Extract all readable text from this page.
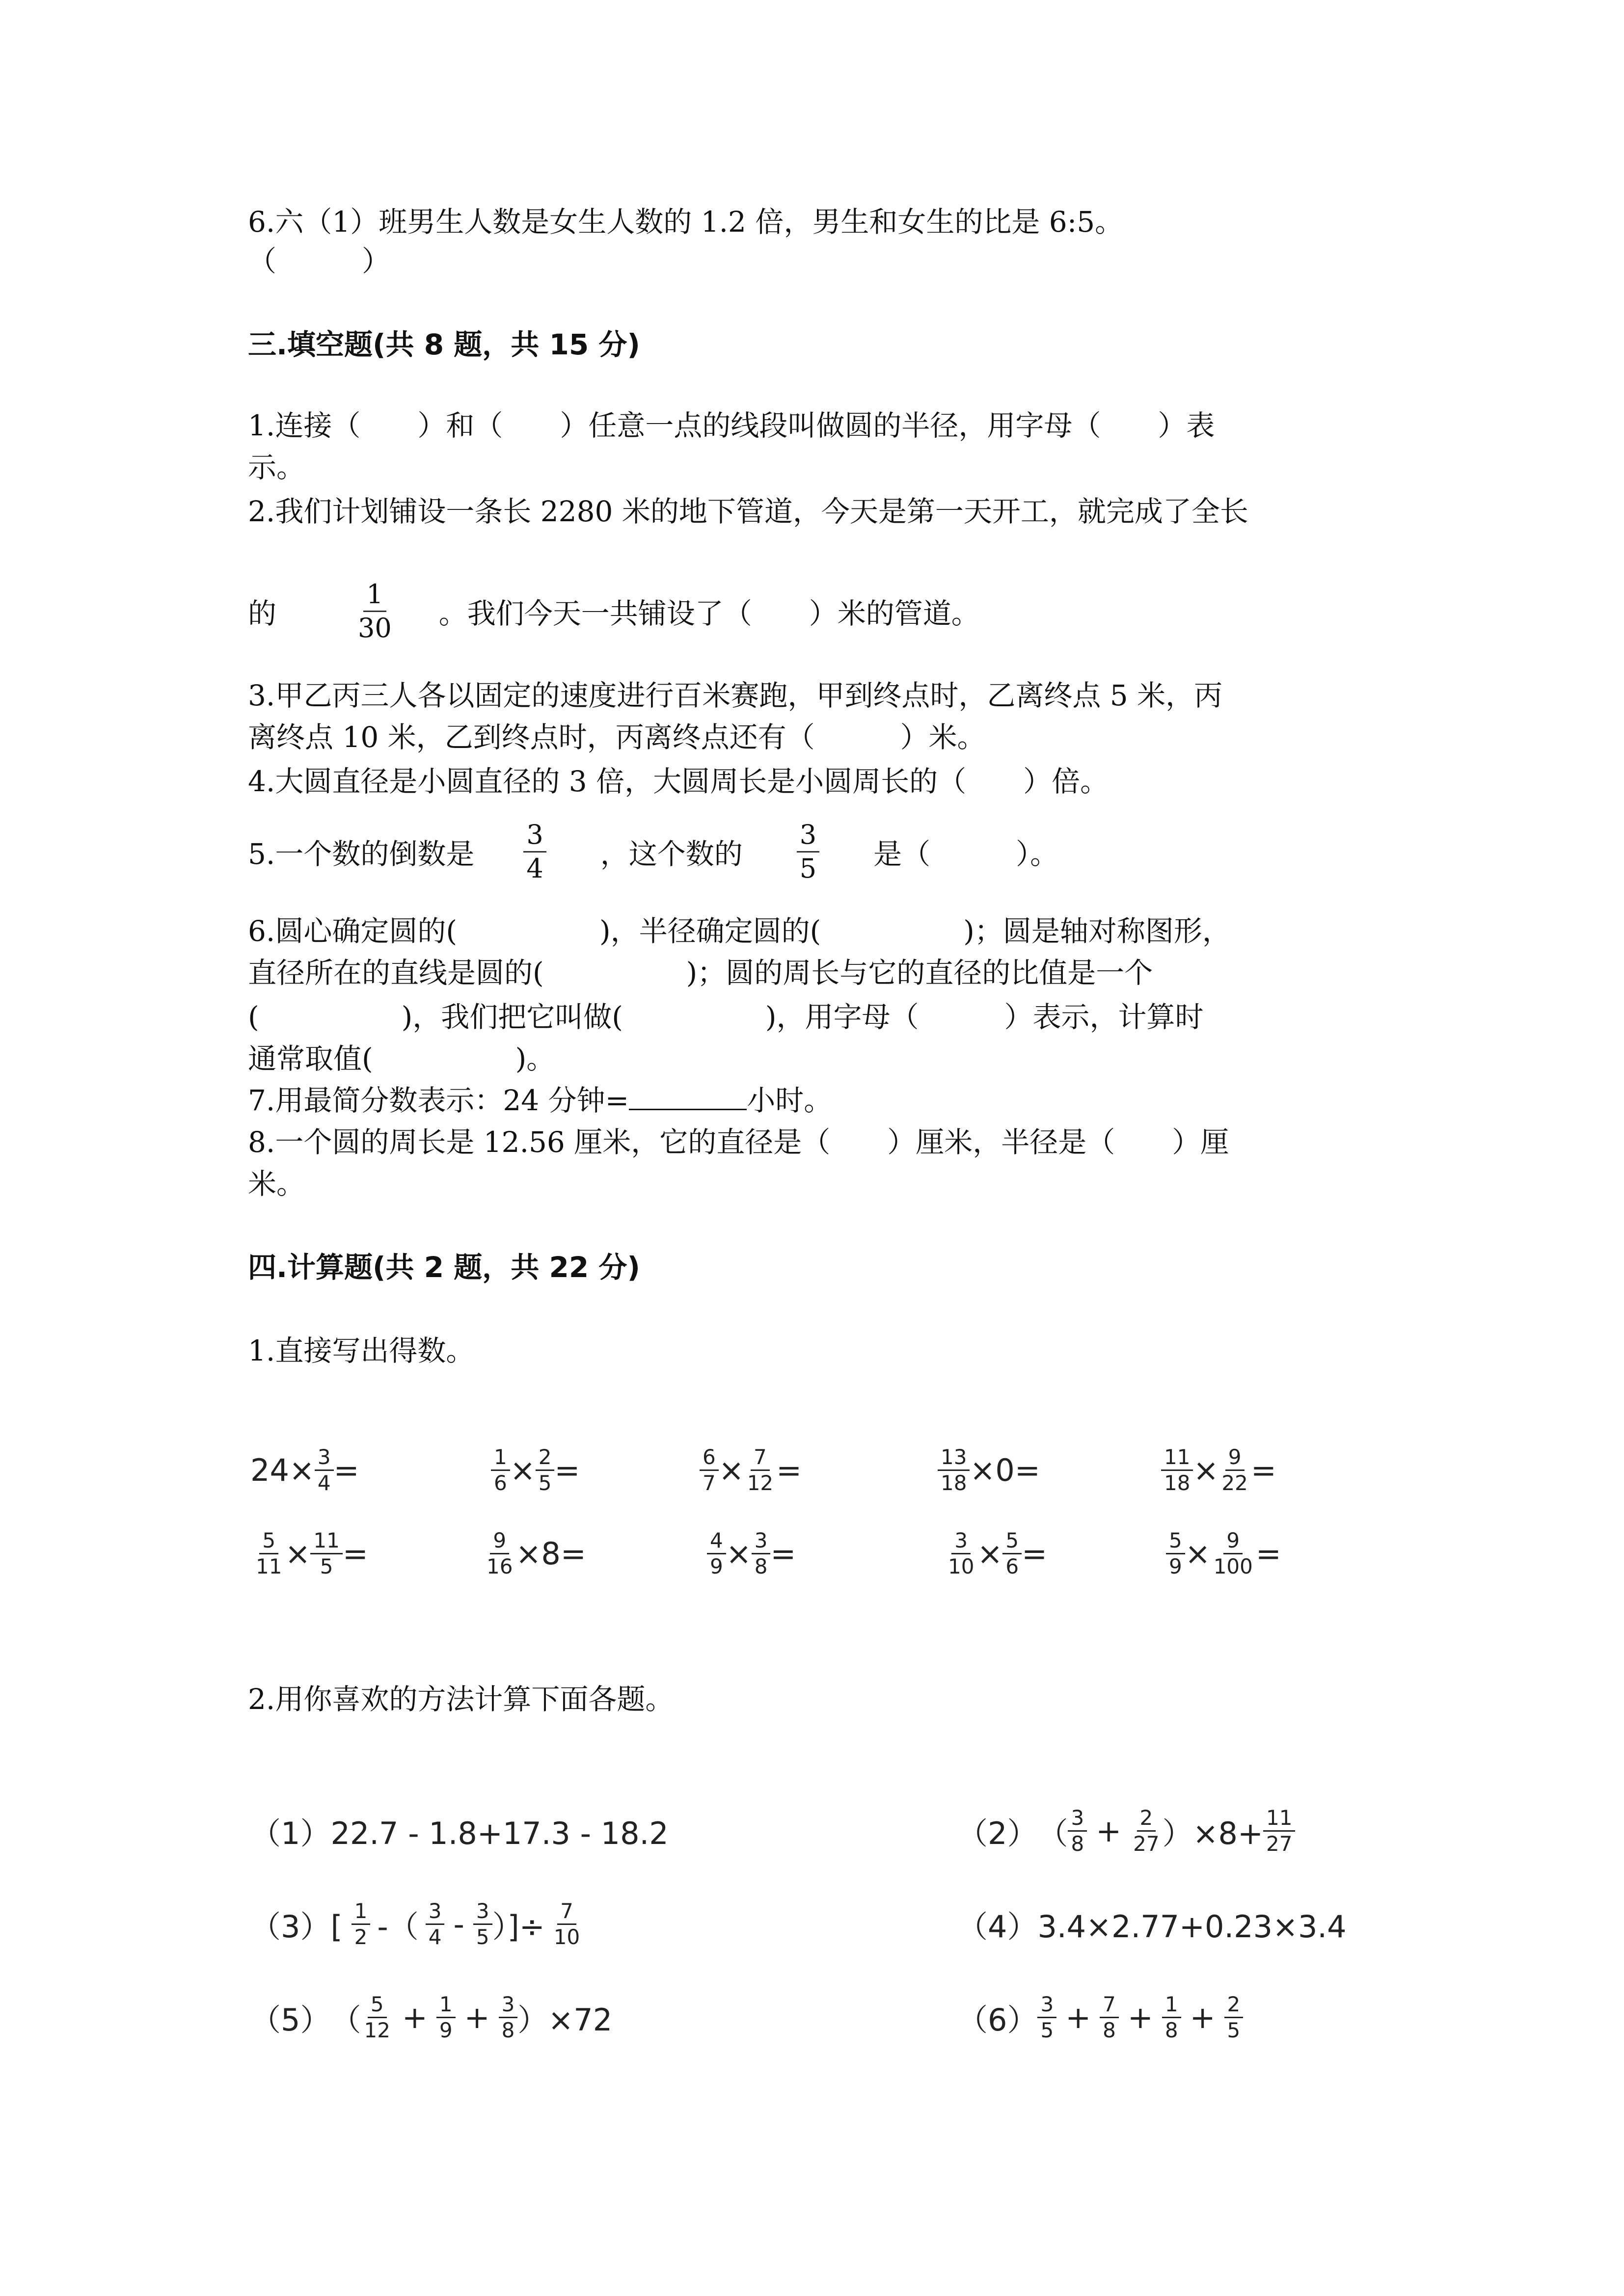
6.六（1）班男生人数是女生人数的 1.2 倍，男生和女生的比是 6:5。
（　　　）
三.填空题(共 8 题，共 15 分)
1.连接（　　）和（　　）任意一点的线段叫做圆的半径，用字母（　　）表
示。
2.我们计划铺设一条长 2280 米的地下管道，今天是第一天开工，就完成了全长
的	$\frac{1}{30}$ 。我们今天一共铺设了（　　）米的管道。
3.甲乙丙三人各以固定的速度进行百米赛跑，甲到终点时，乙离终点 5 米，丙
离终点 10 米，乙到终点时，丙离终点还有（　　　）米。
4.大圆直径是小圆直径的 3 倍，大圆周长是小圆周长的（　　）倍。
5.一个数的倒数是 $\frac{3}{4}$ ，这个数的 $\frac{3}{5}$ 是（　　　）。
6.圆心确定圆的(　　　　　)，半径确定圆的(　　　　　)；圆是轴对称图形，
直径所在的直线是圆的(　　　　　)；圆的周长与它的直径的比值是一个
(　　　　　)，我们把它叫做(　　　　　)，用字母（　　　）表示，计算时
通常取值(　　　　　)。
7.用最简分数表示：24 分钟=	小时。
8.一个圆的周长是 12.56 厘米，它的直径是（　　）厘米，半径是（　　）厘
米。
四.计算题(共 2 题，共 22 分)
1.直接写出得数。
$24\times \frac{3}{4}$ =	$\frac{1}{6} \times \frac{2}{5}$ =	$\frac{6}{7} \times \frac{7}{12}$ =	$\frac{13}{18} \times 0=$	$\frac{11}{18} \times \frac{9}{22}$ =
$\frac{5}{11} \times \frac{11}{5}$ =	$\frac{9}{16} \times 8=$	$\frac{4}{9} \times \frac{3}{8}$ =	$\frac{3}{10} \times \frac{5}{6}$ =	$\frac{5}{9} \times \frac{9}{100}$ =
2.用你喜欢的方法计算下面各题。
（1）22.7 - 1.8+17.3 - 18.2	（2） （ $\frac{3}{8} + \frac{2}{27} )\times 8+ \frac{11}{27}$
$(3)[ \frac{1}{2}$ -（ $\frac{3}{4} - \frac{3}{5}$ ）]÷ $\frac{7}{10}$	（4）3.4×2.77+0.23×3.4
（5） （ $\frac{5}{12} + \frac{1}{9} + \frac{3}{8} )\times 72$	$(6) \frac{3}{5} + \frac{7}{8} + \frac{1}{8} + \frac{2}{5}$
